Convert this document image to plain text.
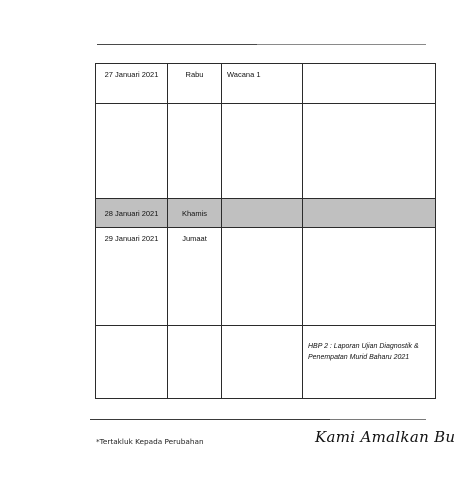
27 Januari 2021	Rabu	Wacana 1	

28 Januari 2021	Khamis		

29 Januari 2021	Jumaat		

			HBP 2 : Laporan Ujian Diagnostik & Penempatan Murid Baharu 2021
*Tertakluk Kepada Perubahan	Kami Amalkan Bu
